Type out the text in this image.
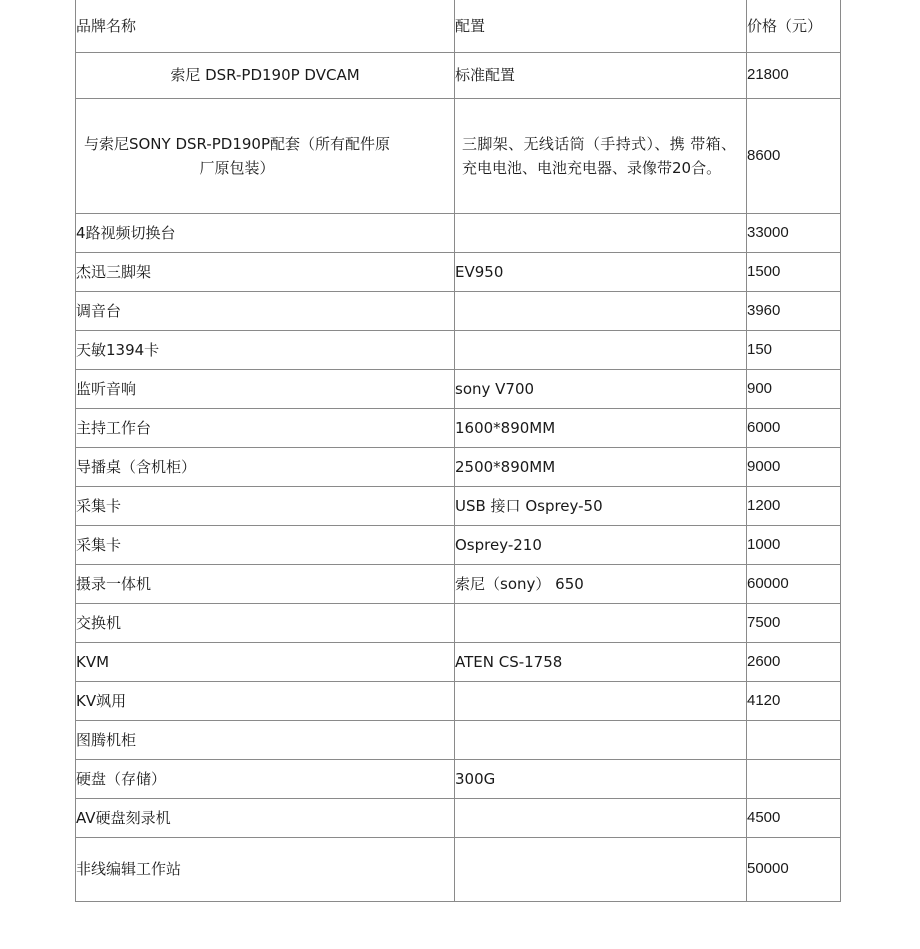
品牌名称	配置	价格（元）
索尼 DSR-PD190P DVCAM	标准配置	21800
与索尼SONY DSR-PD190P配套（所有配件原厂原包装）	三脚架、无线话筒（手持式）、携 带箱、充电电池、电池充电器、录像带20合。	8600
4路视频切换台		33000
杰迅三脚架	EV950	1500
调音台		3960
天敏1394卡		150
监听音响	sony V700	900
主持工作台	1600*890MM	6000
导播桌（含机柜）	2500*890MM	9000
采集卡	USB 接口 Osprey-50	1200
采集卡	Osprey-210	1000
摄录一体机	索尼（sony） 650	60000
交换机		7500
KVM	ATEN CS-1758	2600
KV飒用		4120
图腾机柜		
硬盘（存储）	300G	
AV硬盘刻录机		4500
非线编辑工作站		50000
